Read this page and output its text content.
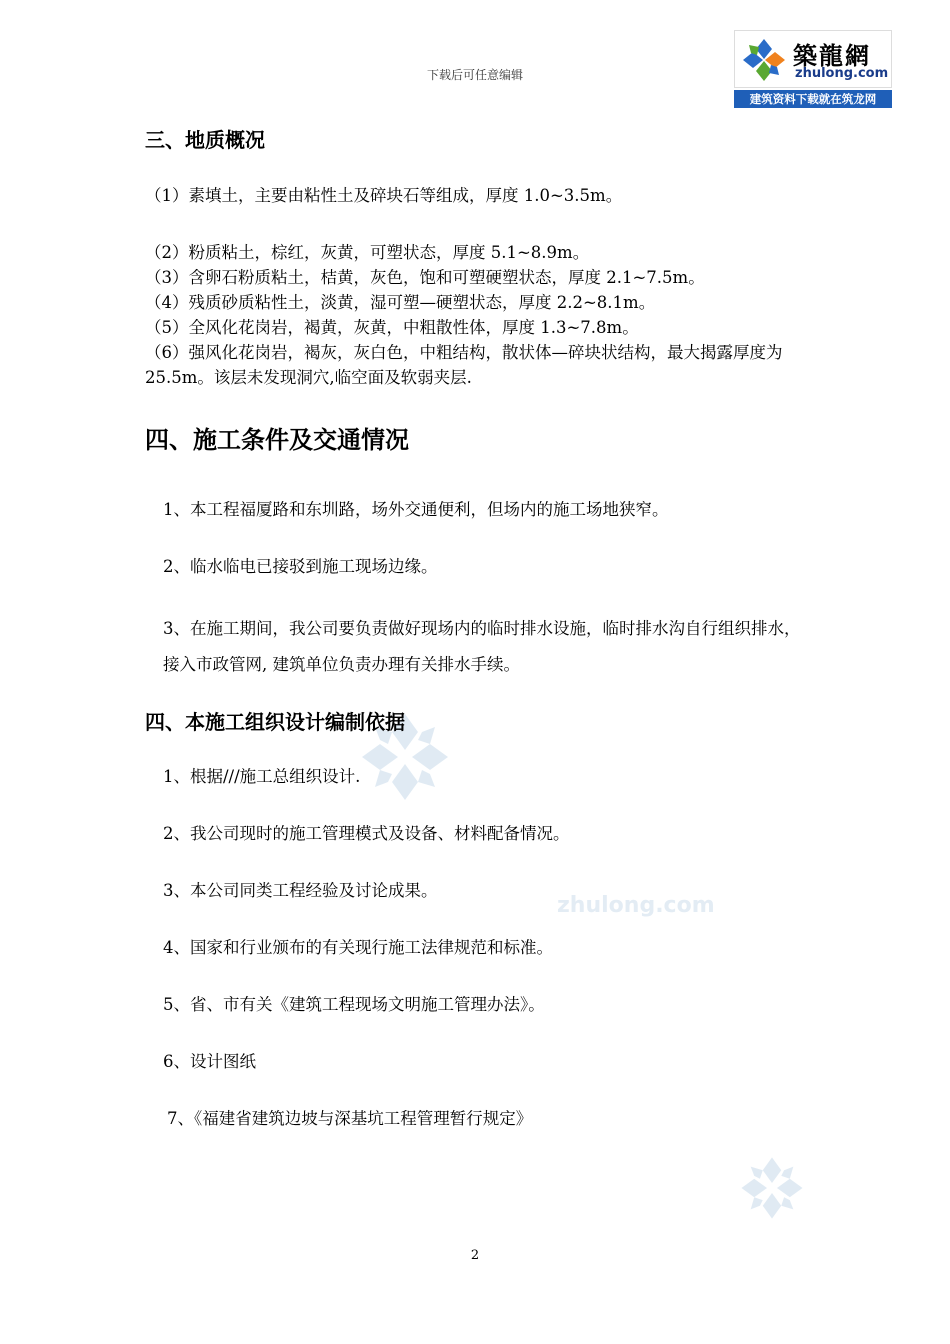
下载后可任意编辑
築龍網
zhulong.com
建筑资料下载就在筑龙网
zhulong.com
三、地质概况
（1）素填土，主要由粘性土及碎块石等组成，厚度 1.0~3.5m。
（2）粉质粘土，棕红，灰黄，可塑状态，厚度 5.1~8.9m。
（3）含卵石粉质粘土，桔黄，灰色，饱和可塑硬塑状态，厚度 2.1~7.5m。
（4）残质砂质粘性土，淡黄，湿可塑—硬塑状态，厚度 2.2~8.1m。
（5）全风化花岗岩，褐黄，灰黄，中粗散性体，厚度 1.3~7.8m。
（6）强风化花岗岩，褐灰，灰白色，中粗结构，散状体—碎块状结构，最大揭露厚度为 25.5m。该层未发现洞穴,临空面及软弱夹层.
四、施工条件及交通情况
1、本工程福厦路和东圳路，场外交通便利，但场内的施工场地狭窄。
2、临水临电已接驳到施工现场边缘。
3、在施工期间，我公司要负责做好现场内的临时排水设施，临时排水沟自行组织排水，接入市政管网, 建筑单位负责办理有关排水手续。
四、本施工组织设计编制依据
1、根据///施工总组织设计.
2、我公司现时的施工管理模式及设备、材料配备情况。
3、本公司同类工程经验及讨论成果。
4、国家和行业颁布的有关现行施工法律规范和标准。
5、省、市有关《建筑工程现场文明施工管理办法》。
6、设计图纸
7、《福建省建筑边坡与深基坑工程管理暂行规定》
2
